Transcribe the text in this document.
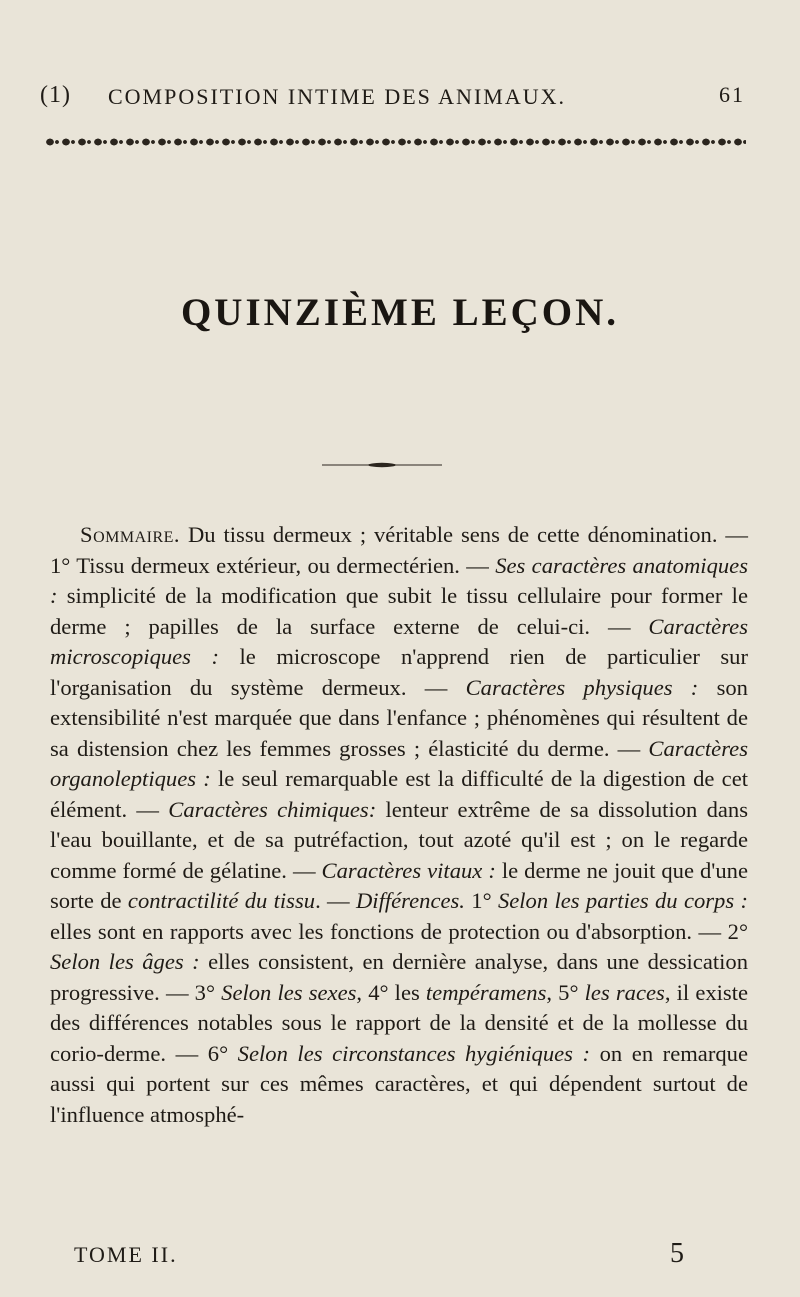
(1) COMPOSITION INTIME DES ANIMAUX.	61
QUINZIÈME LEÇON.

Sommaire. Du tissu dermeux ; véritable sens de cette dénomination. — 1° Tissu dermeux extérieur, ou dermectérien. — Ses caractères anatomiques : simplicité de la modification que subit le tissu cellulaire pour former le derme ; papilles de la surface externe de celui-ci. — Caractères microscopiques : le microscope n'apprend rien de particulier sur l'organisation du système dermeux. — Caractères physiques : son extensibilité n'est marquée que dans l'enfance ; phénomènes qui résultent de sa distension chez les femmes grosses ; élasticité du derme. — Caractères organoleptiques : le seul remarquable est la difficulté de la digestion de cet élément. — Caractères chimiques: lenteur extrême de sa dissolution dans l'eau bouillante, et de sa putréfaction, tout azoté qu'il est ; on le regarde comme formé de gélatine. — Caractères vitaux : le derme ne jouit que d'une sorte de contractilité du tissu. — Différences. 1° Selon les parties du corps : elles sont en rapports avec les fonctions de protection ou d'absorption. — 2° Selon les âges : elles consistent, en dernière analyse, dans une dessication progressive. — 3° Selon les sexes, 4° les tempéramens, 5° les races, il existe des différences notables sous le rapport de la densité et de la mollesse du corio-derme. — 6° Selon les circonstances hygiéniques : on en remarque aussi qui portent sur ces mêmes caractères, et qui dépendent surtout de l'influence atmosphé-

TOME II.	5
